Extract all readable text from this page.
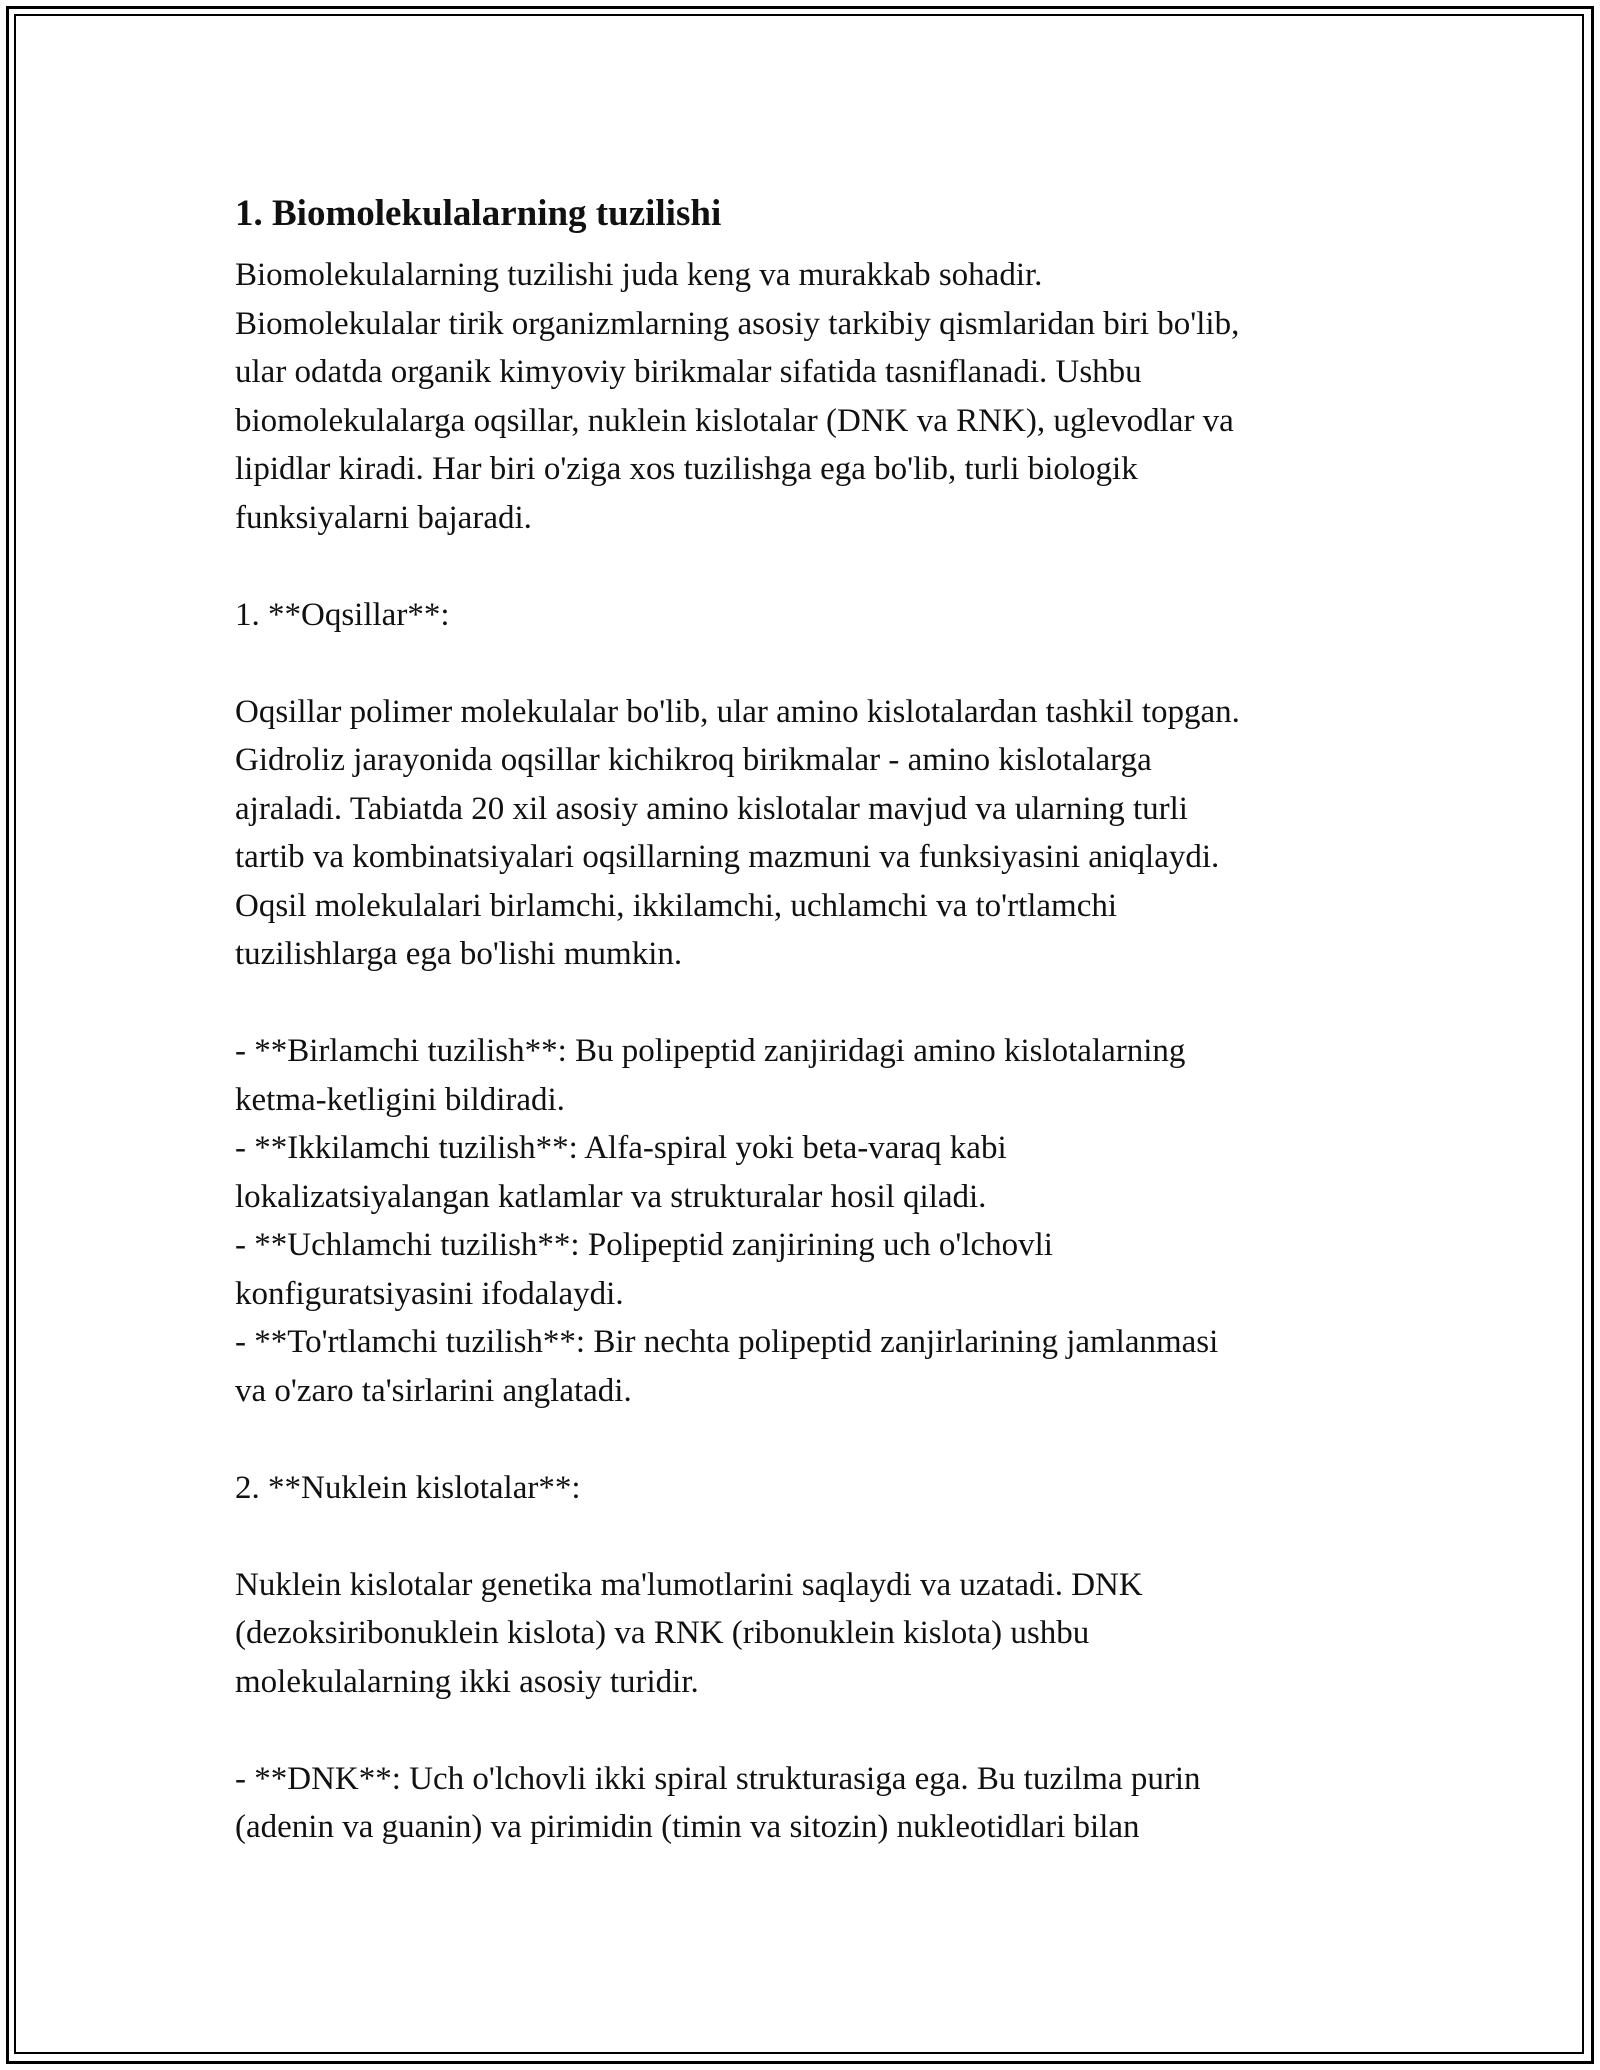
1. Biomolekulalarning tuzilishi
Biomolekulalarning tuzilishi juda keng va murakkab sohadir.
Biomolekulalar tirik organizmlarning asosiy tarkibiy qismlaridan biri bo'lib,
ular odatda organik kimyoviy birikmalar sifatida tasniflanadi. Ushbu
biomolekulalarga oqsillar, nuklein kislotalar (DNK va RNK), uglevodlar va
lipidlar kiradi. Har biri o'ziga xos tuzilishga ega bo'lib, turli biologik
funksiyalarni bajaradi.
1. **Oqsillar**:
Oqsillar polimer molekulalar bo'lib, ular amino kislotalardan tashkil topgan.
Gidroliz jarayonida oqsillar kichikroq birikmalar - amino kislotalarga
ajraladi. Tabiatda 20 xil asosiy amino kislotalar mavjud va ularning turli
tartib va kombinatsiyalari oqsillarning mazmuni va funksiyasini aniqlaydi.
Oqsil molekulalari birlamchi, ikkilamchi, uchlamchi va to'rtlamchi
tuzilishlarga ega bo'lishi mumkin.
- **Birlamchi tuzilish**: Bu polipeptid zanjiridagi amino kislotalarning
ketma-ketligini bildiradi.
- **Ikkilamchi tuzilish**: Alfa-spiral yoki beta-varaq kabi
lokalizatsiyalangan katlamlar va strukturalar hosil qiladi.
- **Uchlamchi tuzilish**: Polipeptid zanjirining uch o'lchovli
konfiguratsiyasini ifodalaydi.
- **To'rtlamchi tuzilish**: Bir nechta polipeptid zanjirlarining jamlanmasi
va o'zaro ta'sirlarini anglatadi.
2. **Nuklein kislotalar**:
Nuklein kislotalar genetika ma'lumotlarini saqlaydi va uzatadi. DNK
(dezoksiribonuklein kislota) va RNK (ribonuklein kislota) ushbu
molekulalarning ikki asosiy turidir.
- **DNK**: Uch o'lchovli ikki spiral strukturasiga ega. Bu tuzilma purin
(adenin va guanin) va pirimidin (timin va sitozin) nukleotidlari bilan
